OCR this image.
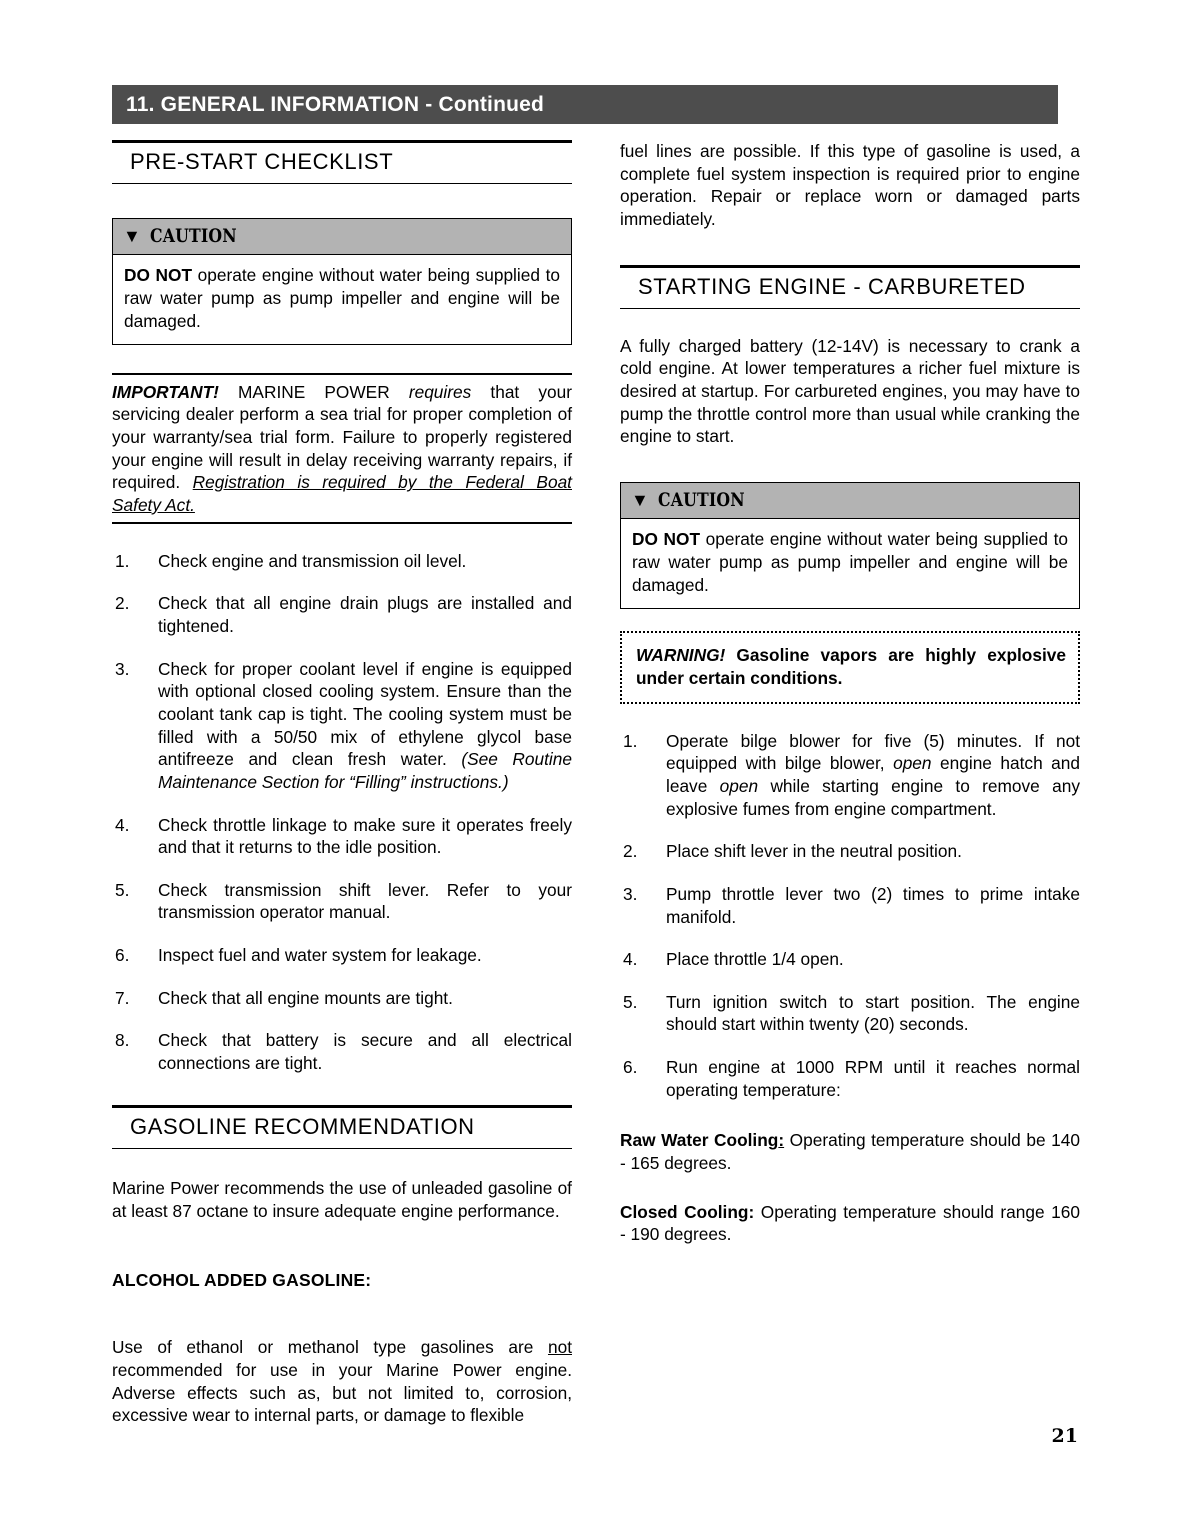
11. GENERAL INFORMATION - Continued
PRE-START CHECKLIST
▼ CAUTION
DO NOT operate engine without water being supplied to raw water pump as pump impeller and engine will be damaged.

IMPORTANT! MARINE POWER requires that your servicing dealer perform a sea trial for proper completion of your warranty/sea trial form. Failure to properly registered your engine will result in delay receiving warranty repairs, if required. Registration is required by the Federal Boat Safety Act.

1. Check engine and transmission oil level.
2. Check that all engine drain plugs are installed and tightened.
3. Check for proper coolant level if engine is equipped with optional closed cooling system. Ensure than the coolant tank cap is tight. The cooling system must be filled with a 50/50 mix of ethylene glycol base antifreeze and clean fresh water. (See Routine Maintenance Section for “Filling” instructions.)
4. Check throttle linkage to make sure it operates freely and that it returns to the idle position.
5. Check transmission shift lever. Refer to your transmission operator manual.
6. Inspect fuel and water system for leakage.
7. Check that all engine mounts are tight.
8. Check that battery is secure and all electrical connections are tight.
GASOLINE RECOMMENDATION

Marine Power recommends the use of unleaded gasoline of at least 87 octane to insure adequate engine performance.

ALCOHOL ADDED GASOLINE:

Use of ethanol or methanol type gasolines are not recommended for use in your Marine Power engine. Adverse effects such as, but not limited to, corrosion, excessive wear to internal parts, or damage to flexible

fuel lines are possible. If this type of gasoline is used, a complete fuel system inspection is required prior to engine operation. Repair or replace worn or damaged parts immediately.

STARTING ENGINE - CARBURETED

A fully charged battery (12-14V) is necessary to crank a cold engine. At lower temperatures a richer fuel mixture is desired at startup. For carbureted engines, you may have to pump the throttle control more than usual while cranking the engine to start.

▼ CAUTION
DO NOT operate engine without water being supplied to raw water pump as pump impeller and engine will be damaged.
WARNING! Gasoline vapors are highly explosive under certain conditions.
1. Operate bilge blower for five (5) minutes. If not equipped with bilge blower, open engine hatch and leave open while starting engine to remove any explosive fumes from engine compartment.
2. Place shift lever in the neutral position.
3. Pump throttle lever two (2) times to prime intake manifold.
4. Place throttle 1/4 open.
5. Turn ignition switch to start position. The engine should start within twenty (20) seconds.
6. Run engine at 1000 RPM until it reaches normal operating temperature:

Raw Water Cooling: Operating temperature should be 140 - 165 degrees.

Closed Cooling: Operating temperature should range 160 - 190 degrees.

21
